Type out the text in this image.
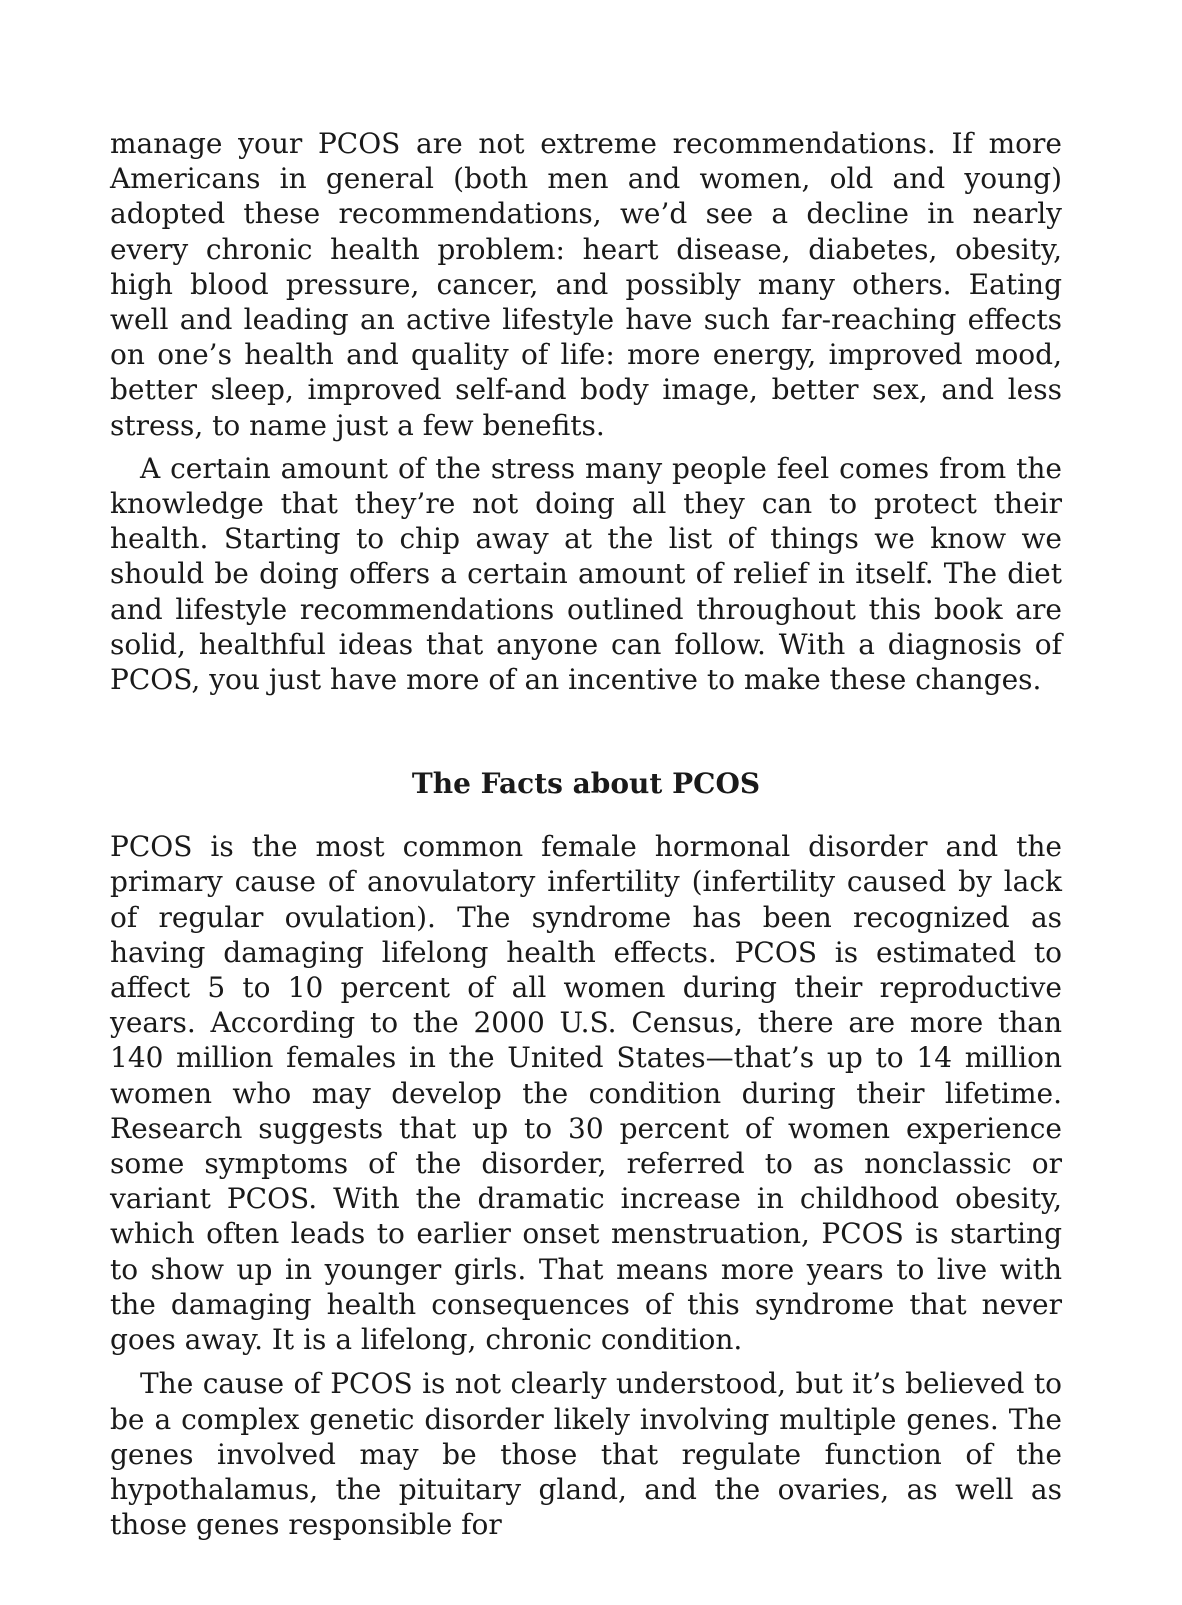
manage your PCOS are not extreme recommendations. If more Americans in general (both men and women, old and young) adopted these recommendations, we’d see a decline in nearly every chronic health problem: heart disease, diabetes, obesity, high blood pressure, cancer, and possibly many others. Eating well and leading an active lifestyle have such far-reaching effects on one’s health and quality of life: more energy, improved mood, better sleep, improved self-and body image, better sex, and less stress, to name just a few benefits.

A certain amount of the stress many people feel comes from the knowledge that they’re not doing all they can to protect their health. Starting to chip away at the list of things we know we should be doing offers a certain amount of relief in itself. The diet and lifestyle recommendations outlined throughout this book are solid, healthful ideas that anyone can follow. With a diagnosis of PCOS, you just have more of an incentive to make these changes.

The Facts about PCOS

PCOS is the most common female hormonal disorder and the primary cause of anovulatory infertility (infertility caused by lack of regular ovulation). The syndrome has been recognized as having damaging lifelong health effects. PCOS is estimated to affect 5 to 10 percent of all women during their reproductive years. According to the 2000 U.S. Census, there are more than 140 million females in the United States—that’s up to 14 million women who may develop the condition during their lifetime. Research suggests that up to 30 percent of women experience some symptoms of the disorder, referred to as nonclassic or variant PCOS. With the dramatic increase in childhood obesity, which often leads to earlier onset menstruation, PCOS is starting to show up in younger girls. That means more years to live with the damaging health consequences of this syndrome that never goes away. It is a lifelong, chronic condition.

The cause of PCOS is not clearly understood, but it’s believed to be a complex genetic disorder likely involving multiple genes. The genes involved may be those that regulate function of the hypothalamus, the pituitary gland, and the ovaries, as well as those genes responsible for
